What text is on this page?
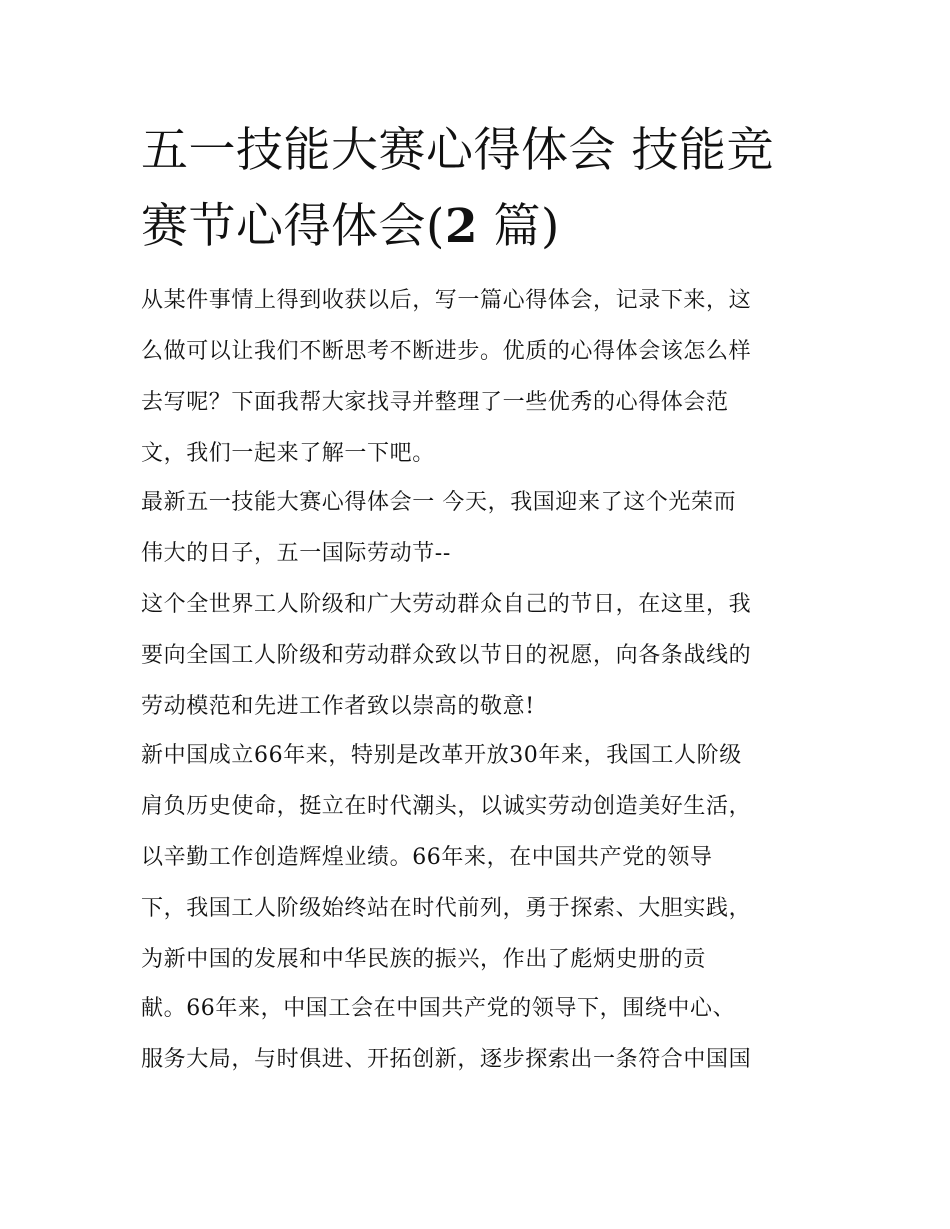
五一技能大赛心得体会 技能竞
赛节心得体会(2 篇)
从某件事情上得到收获以后，写一篇心得体会，记录下来，这
么做可以让我们不断思考不断进步。优质的心得体会该怎么样
去写呢？下面我帮大家找寻并整理了一些优秀的心得体会范
文，我们一起来了解一下吧。
最新五一技能大赛心得体会一 今天，我国迎来了这个光荣而
伟大的日子，五一国际劳动节--
这个全世界工人阶级和广大劳动群众自己的节日，在这里，我
要向全国工人阶级和劳动群众致以节日的祝愿，向各条战线的
劳动模范和先进工作者致以崇高的敬意!
新中国成立66年来，特别是改革开放30年来，我国工人阶级
肩负历史使命，挺立在时代潮头，以诚实劳动创造美好生活，
以辛勤工作创造辉煌业绩。66年来，在中国共产党的领导
下，我国工人阶级始终站在时代前列，勇于探索、大胆实践，
为新中国的发展和中华民族的振兴，作出了彪炳史册的贡
献。66年来，中国工会在中国共产党的领导下，围绕中心、
服务大局，与时俱进、开拓创新，逐步探索出一条符合中国国
